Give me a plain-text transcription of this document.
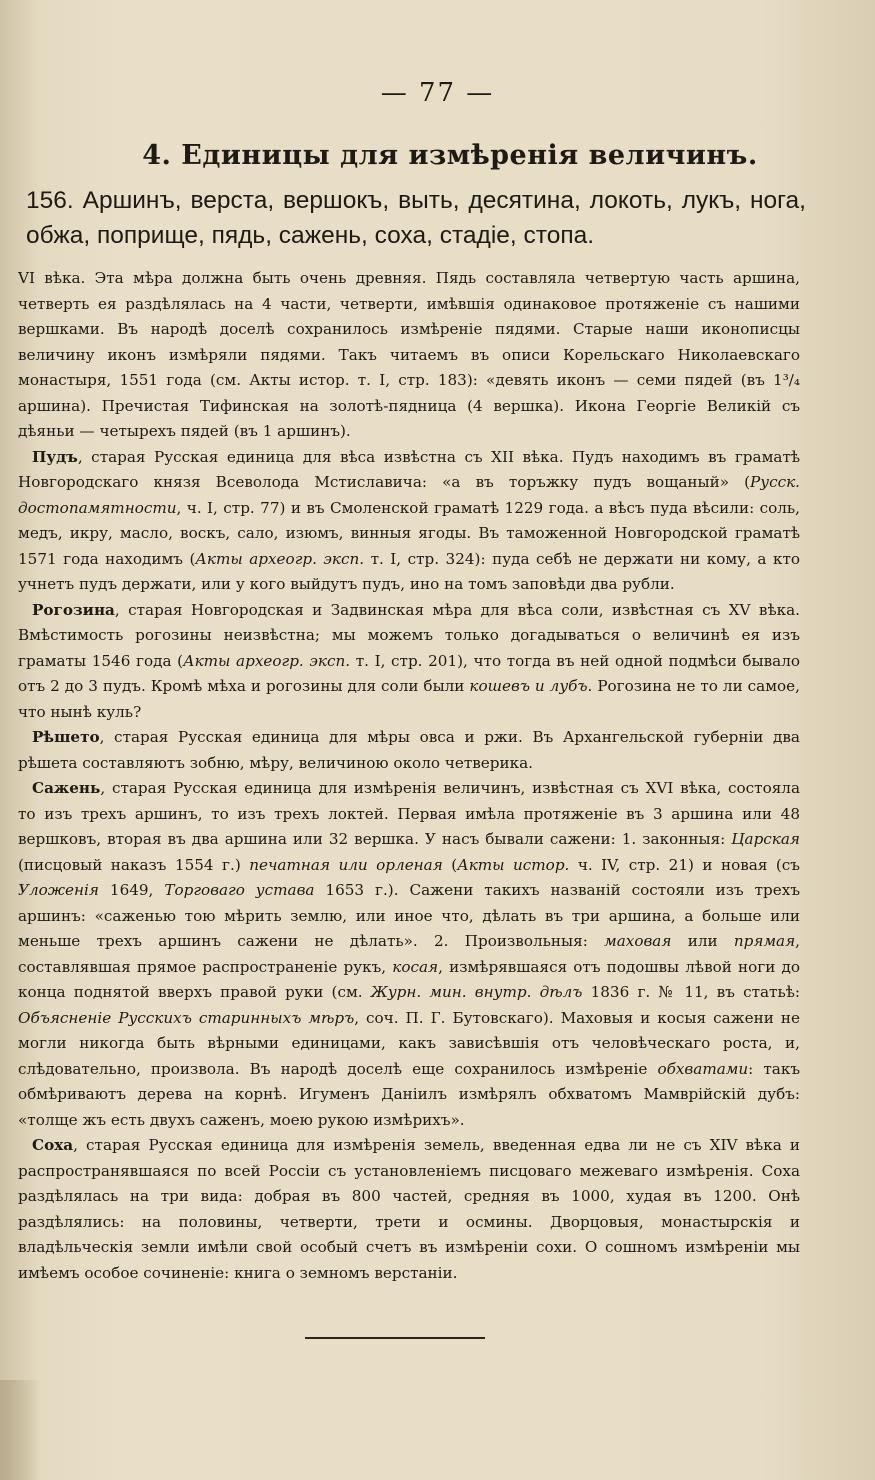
— 77 —
4. Единицы для измѣренія величинъ.
156. Аршинъ, верста, вершокъ, выть, десятина, локоть, лукъ, нога, обжа, поприще, пядь, сажень, соха, стадіе, стопа.

VI вѣка. Эта мѣра должна быть очень древняя. Пядь составляла четвертую часть аршина, четверть ея раздѣлялась на 4 части, четверти, имѣвшія одинаковое протяженіе съ нашими вершками. Въ народѣ доселѣ сохранилось измѣреніе пядями. Старые наши иконописцы величину иконъ измѣряли пядями. Такъ читаемъ въ описи Корельскаго Николаевскаго монастыря, 1551 года (см. Акты истор. т. I, стр. 183): «девять иконъ — семи пядей (въ 1³/₄ аршина). Пречистая Тифинская на золотѣ-пядница (4 вершка). Икона Георгіе Великій съ дѣяньи — четырехъ пядей (въ 1 аршинъ).

Пудъ, старая Русская единица для вѣса извѣстна съ XII вѣка. Пудъ находимъ въ граматѣ Новгородскаго князя Всеволода Мстиславича: «а въ торъжку пудъ вощаный» (Русск. достопамятности, ч. I, стр. 77) и въ Смоленской граматѣ 1229 года. а вѣсъ пуда вѣсили: соль, медъ, икру, масло, воскъ, сало, изюмъ, винныя ягоды. Въ таможенной Новгородской граматѣ 1571 года находимъ (Акты археогр. эксп. т. I, стр. 324): пуда себѣ не держати ни кому, а кто учнетъ пудъ держати, или у кого выйдутъ пудъ, ино на томъ заповѣди два рубли.

Рогозина, старая Новгородская и Задвинская мѣра для вѣса соли, извѣстная съ XV вѣка. Вмѣстимость рогозины неизвѣстна; мы можемъ только догадываться о величинѣ ея изъ граматы 1546 года (Акты археогр. эксп. т. I, стр. 201), что тогда въ ней одной подмѣси бывало отъ 2 до 3 пудъ. Кромѣ мѣха и рогозины для соли были кошевъ и лубъ. Рогозина не то ли самое, что нынѣ куль?

Рѣшето, старая Русская единица для мѣры овса и ржи. Въ Архангельской губерніи два рѣшета составляютъ зобню, мѣру, величиною около четверика.

Сажень, старая Русская единица для измѣренія величинъ, извѣстная съ XVI вѣка, состояла то изъ трехъ аршинъ, то изъ трехъ локтей. Первая имѣла протяженіе въ 3 аршина или 48 вершковъ, вторая въ два аршина или 32 вершка. У насъ бывали сажени: 1. законныя: Царская (писцовый наказъ 1554 г.) печатная или орленая (Акты истор. ч. IV, стр. 21) и новая (съ Уложенія 1649, Торговаго устава 1653 г.). Сажени такихъ названій состояли изъ трехъ аршинъ: «саженью тою мѣрить землю, или иное что, дѣлать въ три аршина, а больше или меньше трехъ аршинъ сажени не дѣлать». 2. Произвольныя: маховая или прямая, составлявшая прямое распространеніе рукъ, косая, измѣрявшаяся отъ подошвы лѣвой ноги до конца поднятой вверхъ правой руки (см. Журн. мин. внутр. дѣлъ 1836 г. № 11, въ статьѣ: Объясненіе Русскихъ старинныхъ мѣръ, соч. П. Г. Бутовскаго). Маховыя и косыя сажени не могли никогда быть вѣрными единицами, какъ зависѣвшія отъ человѣческаго роста, и, слѣдовательно, произвола. Въ народѣ доселѣ еще сохранилось измѣреніе обхватами: такъ обмѣриваютъ дерева на корнѣ. Игуменъ Даніилъ измѣрялъ обхватомъ Мамврійскій дубъ: «толще жъ есть двухъ саженъ, моею рукою измѣрихъ».

Соха, старая Русская единица для измѣренія земель, введенная едва ли не съ XIV вѣка и распространявшаяся по всей Россіи съ установленіемъ писцоваго межеваго измѣренія. Соха раздѣлялась на три вида: добрая въ 800 частей, средняя въ 1000, худая въ 1200. Онѣ раздѣлялись: на половины, четверти, трети и осмины. Дворцовыя, монастырскія и владѣльческія земли имѣли свой особый счетъ въ измѣреніи сохи. О сошномъ измѣреніи мы имѣемъ особое сочиненіе: книга о земномъ верстаніи.
